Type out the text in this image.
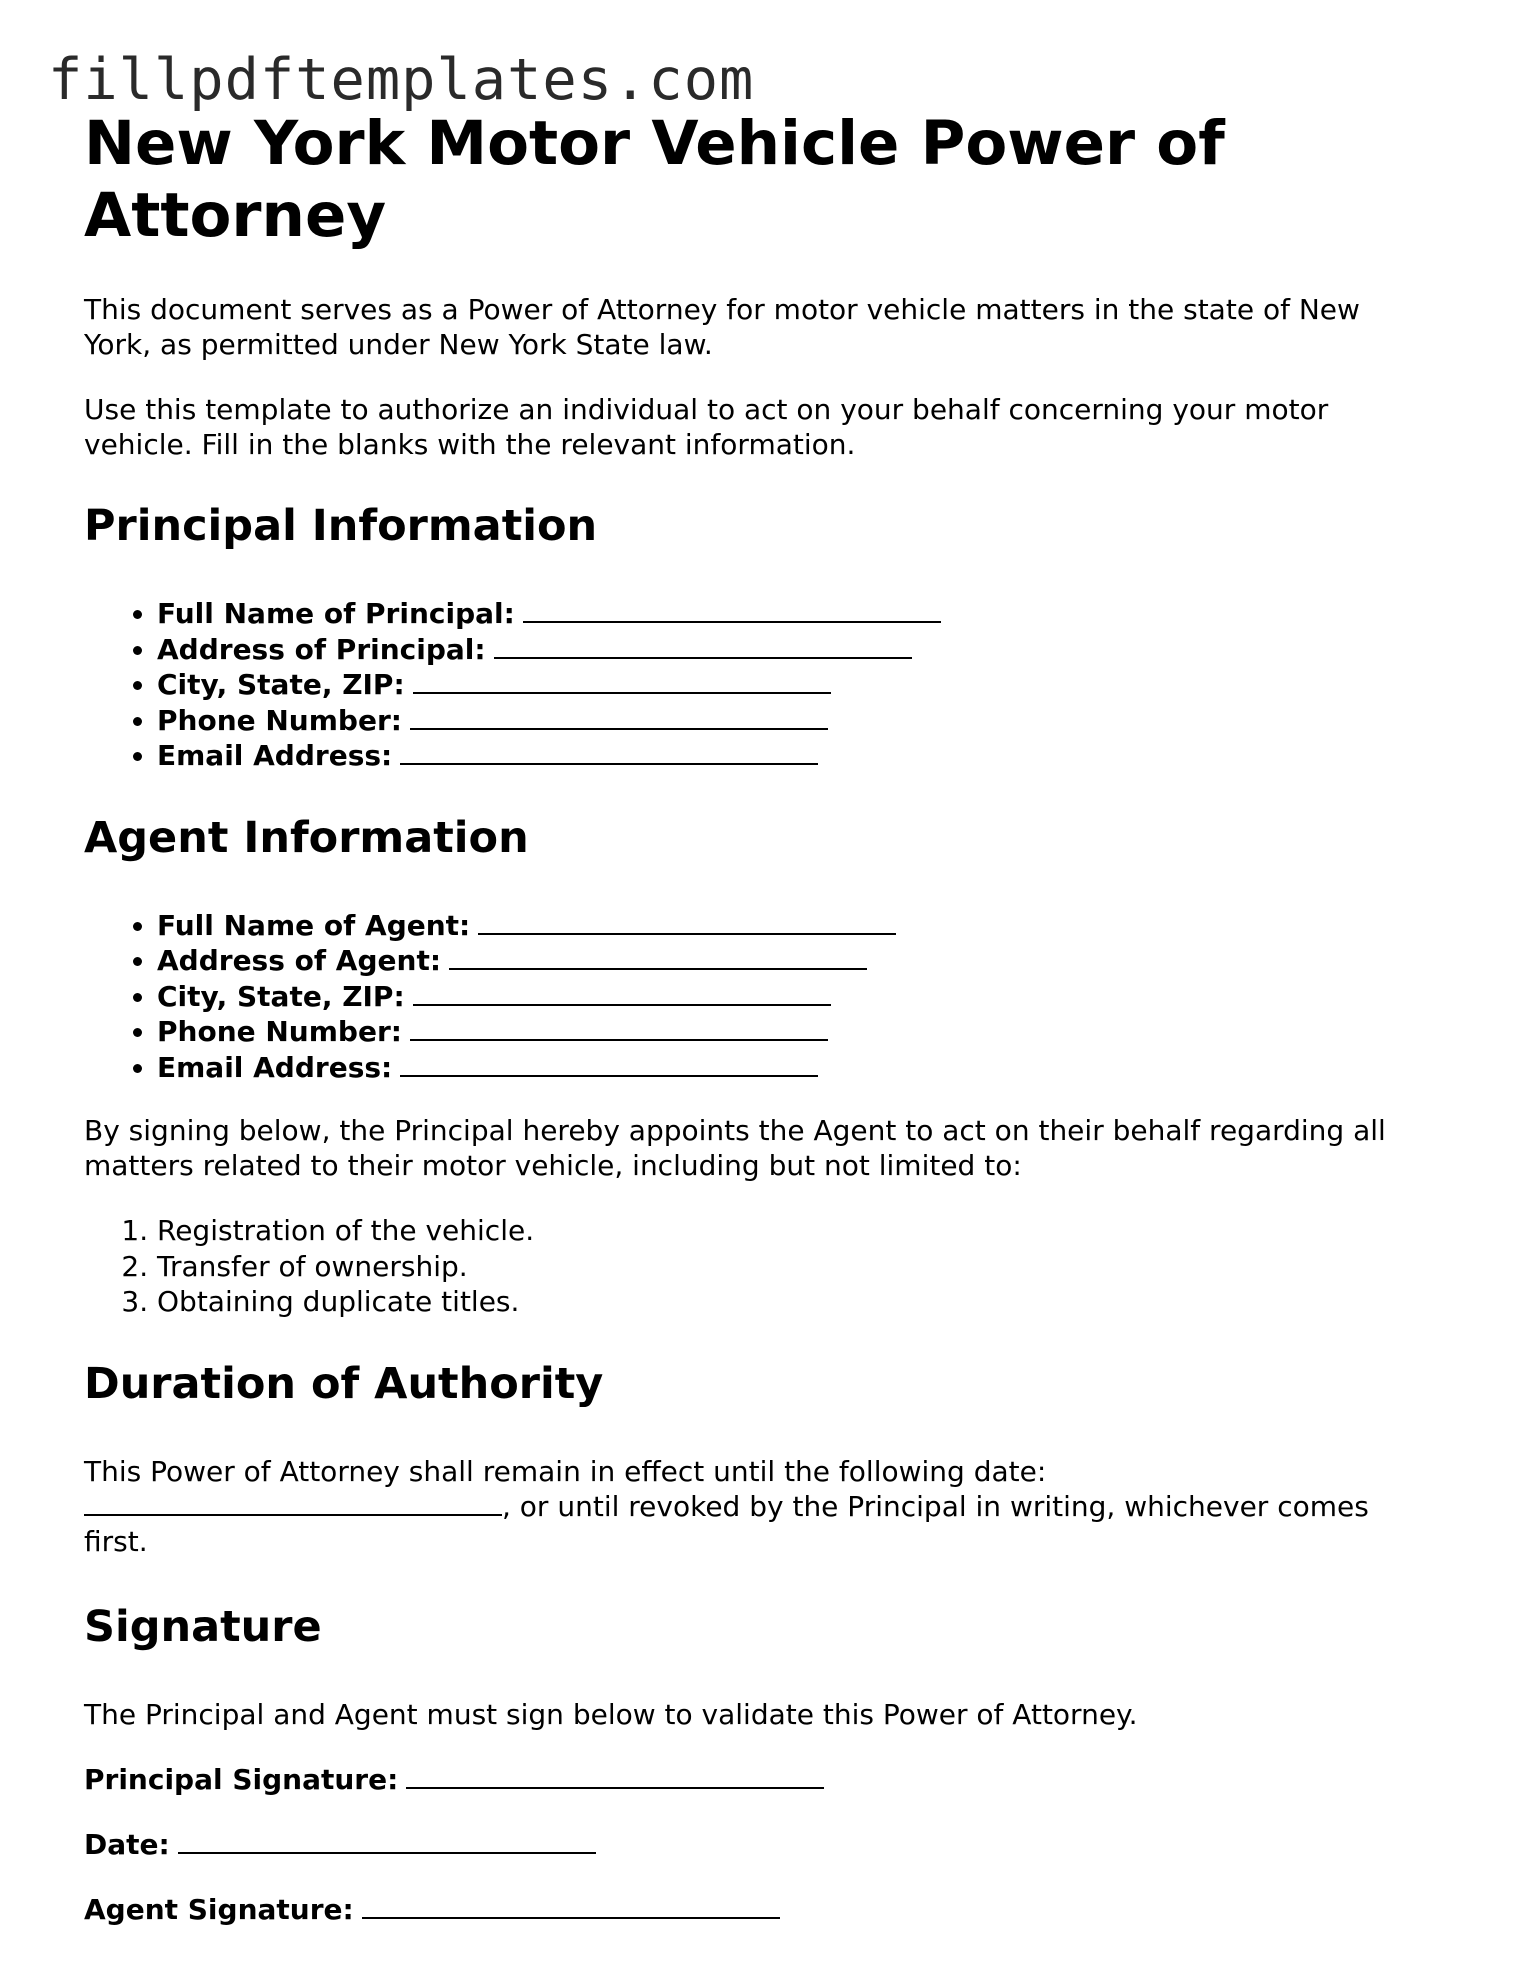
fillpdftemplates.com
New York Motor Vehicle Power of Attorney

This document serves as a Power of Attorney for motor vehicle matters in the state of New York, as permitted under New York State law.

Use this template to authorize an individual to act on your behalf concerning your motor vehicle. Fill in the blanks with the relevant information.

Principal Information
• Full Name of Principal:
• Address of Principal:
• City, State, ZIP:
• Phone Number:
• Email Address:
Agent Information
• Full Name of Agent:
• Address of Agent:
• City, State, ZIP:
• Phone Number:
• Email Address:

By signing below, the Principal hereby appoints the Agent to act on their behalf regarding all matters related to their motor vehicle, including but not limited to:

1. Registration of the vehicle.
2. Transfer of ownership.
3. Obtaining duplicate titles.
Duration of Authority

This Power of Attorney shall remain in effect until the following date:
, or until revoked by the Principal in writing, whichever comes first.

Signature

The Principal and Agent must sign below to validate this Power of Attorney.

Principal Signature:
Date:
Agent Signature:
